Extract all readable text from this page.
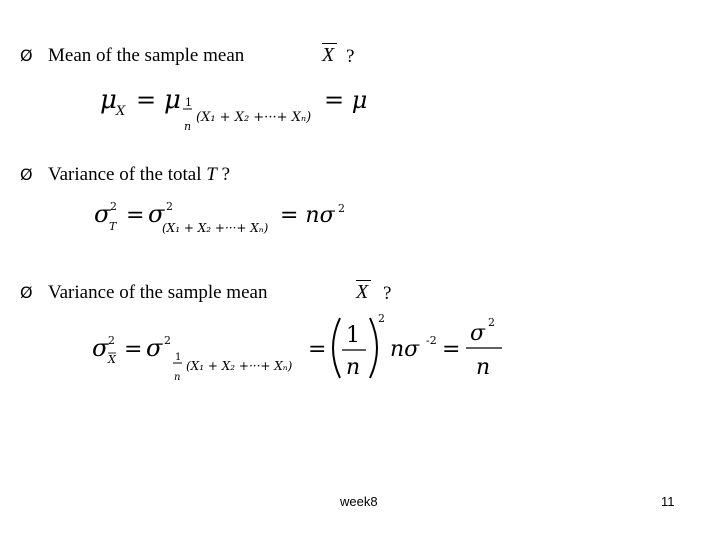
Ø Mean of the sample mean	X ?
μ X = μ 1
n
(X₁ + X₂ +···+ Xₙ)
= μ
Ø Variance of the total T ?
σ 2
T = σ 2
(X₁ + X₂ +···+ Xₙ) = nσ 2
Ø Variance of the sample mean	X ?
σ 2
X = σ 2
1
n
(X₁ + X₂ +···+ Xₙ)
=
1
n
2
nσ -2 =
σ 2
n
week8	11
